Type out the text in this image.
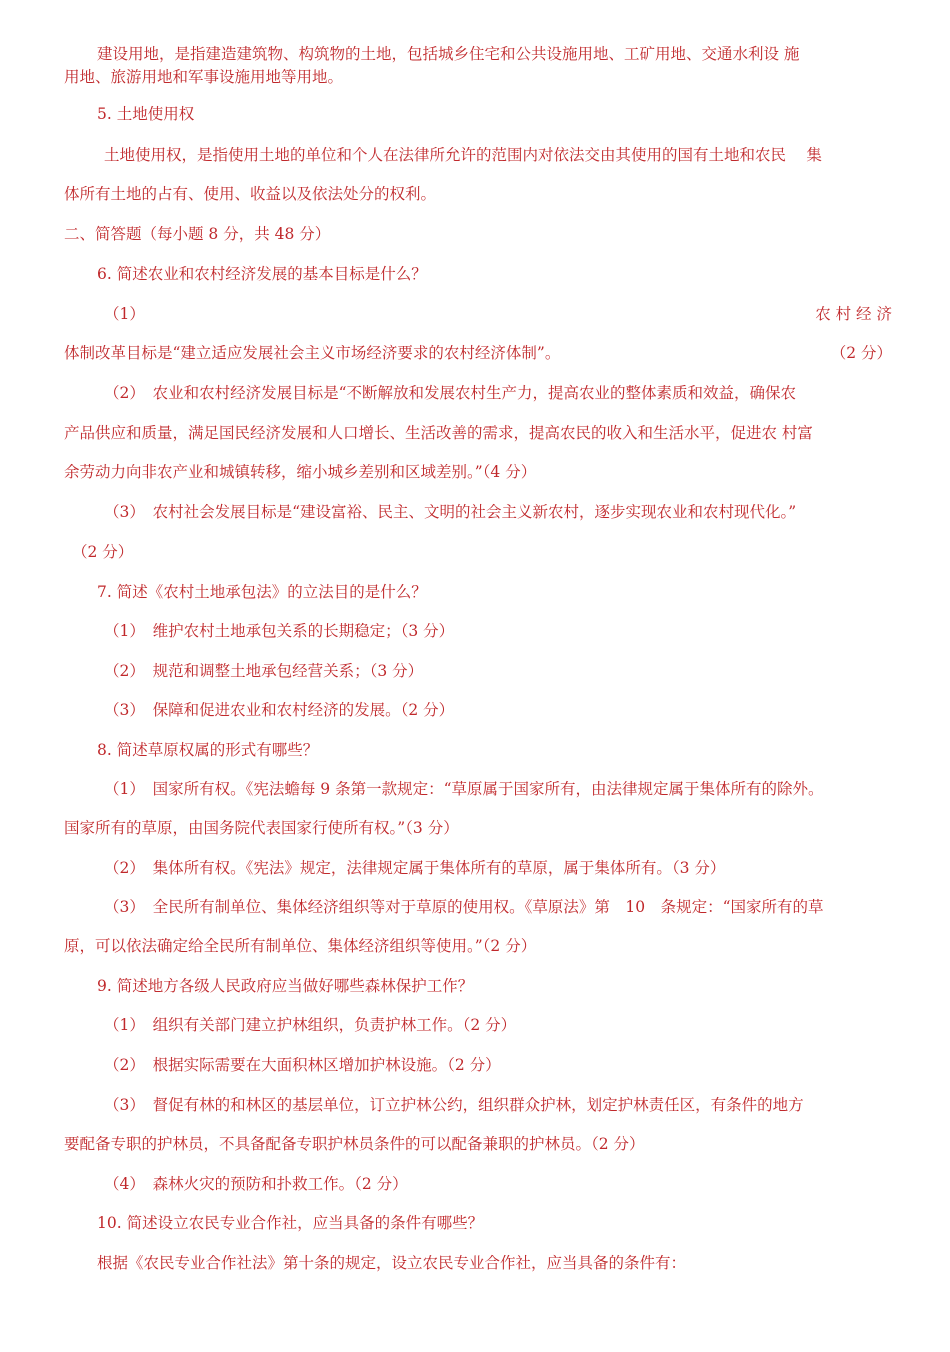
建设用地，是指建造建筑物、构筑物的土地，包括城乡住宅和公共设施用地、工矿用地、交通水利设 施
用地、旅游用地和军事设施用地等用地。
5. 土地使用权
土地使用权，是指使用土地的单位和个人在法律所允许的范围内对依法交由其使用的国有土地和农民　 集
体所有土地的占有、使用、收益以及依法处分的权利。
二、简答题（每小题 8 分，共 48 分）
6. 简述农业和农村经济发展的基本目标是什么？
（1）	农 村 经 济
体制改革目标是“建立适应发展社会主义市场经济要求的农村经济体制”。	（2 分）
（2）　农业和农村经济发展目标是“不断解放和发展农村生产力，提高农业的整体素质和效益，确保农
产品供应和质量，满足国民经济发展和人口增长、生活改善的需求，提高农民的收入和生活水平，促进农 村富
余劳动力向非农产业和城镇转移，缩小城乡差别和区域差别。”（4 分）
（3）　农村社会发展目标是“建设富裕、民主、文明的社会主义新农村，逐步实现农业和农村现代化。”
（2 分）
7. 简述《农村土地承包法》的立法目的是什么？
（1）　维护农村土地承包关系的长期稳定；（3 分）
（2）　规范和调整土地承包经营关系；（3 分）
（3）　保障和促进农业和农村经济的发展。（2 分）
8. 简述草原权属的形式有哪些？
（1）　国家所有权。《宪法蟾每 9 条第一款规定：“草原属于国家所有，由法律规定属于集体所有的除外。
国家所有的草原，由国务院代表国家行使所有权。”（3 分）
（2）　集体所有权。《宪法》规定，法律规定属于集体所有的草原，属于集体所有。（3 分）
（3）　全民所有制单位、集体经济组织等对于草原的使用权。《草原法》第　10　条规定：“国家所有的草
原，可以依法确定给全民所有制单位、集体经济组织等使用。”（2 分）
9. 简述地方各级人民政府应当做好哪些森林保护工作？
（1）　组织有关部门建立护林组织，负责护林工作。（2 分）
（2）　根据实际需要在大面积林区增加护林设施。（2 分）
（3）　督促有林的和林区的基层单位，订立护林公约，组织群众护林，划定护林责任区，有条件的地方
要配备专职的护林员，不具备配备专职护林员条件的可以配备兼职的护林员。（2 分）
（4）　森林火灾的预防和扑救工作。（2 分）
10. 简述设立农民专业合作社，应当具备的条件有哪些？
根据《农民专业合作社法》第十条的规定，设立农民专业合作社，应当具备的条件有：
